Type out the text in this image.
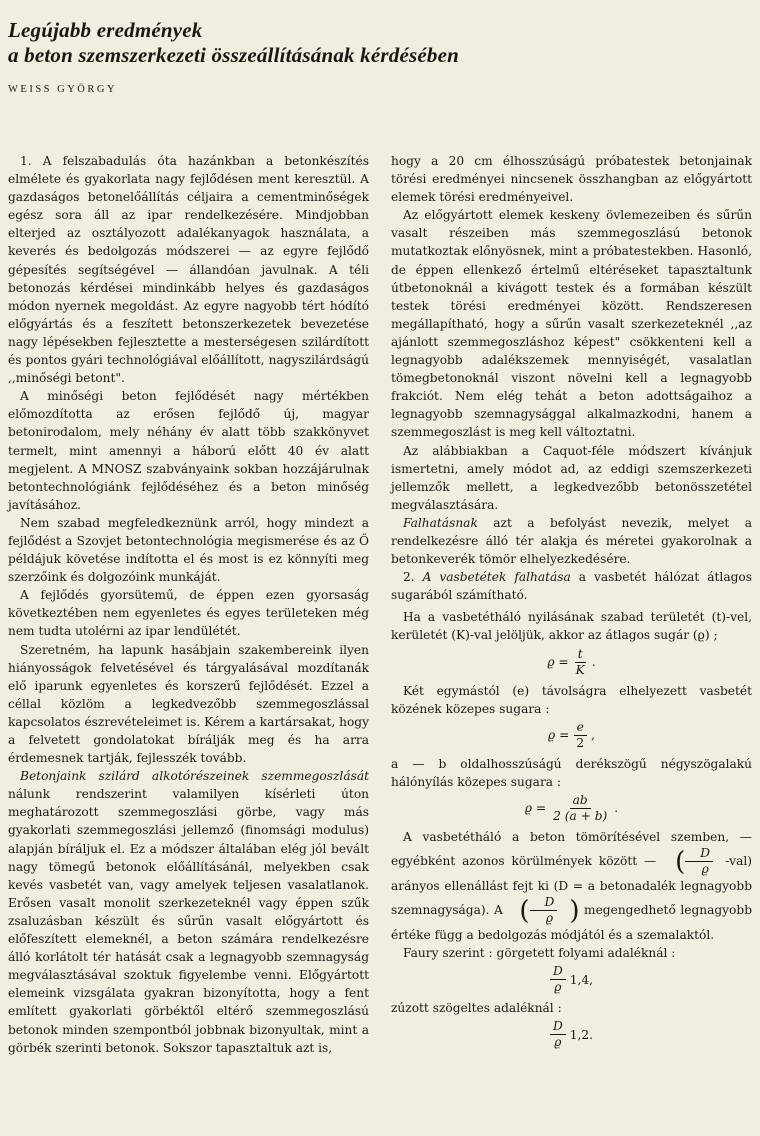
Legújabb eredmények
a beton szemszerkezeti összeállításának kérdésében
WEISS GYÖRGY

1. A felszabadulás óta hazánkban a betonkészítés elmélete és gyakorlata nagy fejlődésen ment keresztül. A gazdaságos betonelőállítás céljaira a cementminőségek egész sora áll az ipar rendelkezésére. Mindjobban elterjed az osztályozott adalékanyagok használata, a keverés és bedolgozás módszerei — az egyre fejlődő gépesítés segítségével — állandóan javulnak. A téli betonozás kérdései mindinkább helyes és gazdaságos módon nyernek megoldást. Az egyre nagyobb tért hódító előgyártás és a feszített betonszerkezetek bevezetése nagy lépésekben fejlesztette a mesterségesen szilárdított és pontos gyári technológiával előállított, nagyszilárdságú ,,minőségi betont".

A minőségi beton fejlődését nagy mértékben előmozdította az erősen fejlődő új, magyar betonirodalom, mely néhány év alatt több szakkönyvet termelt, mint amennyi a háború előtt 40 év alatt megjelent. A MNOSZ szabványaink sokban hozzájárulnak betontechnológiánk fejlődéséhez és a beton minőség javításához.

Nem szabad megfeledkeznünk arról, hogy mindezt a fejlődést a Szovjet betontechnológia megismerése és az Ő példájuk követése indította el és most is ez könnyíti meg szerzőink és dolgozóink munkáját.

A fejlődés gyorsütemű, de éppen ezen gyorsaság következtében nem egyenletes és egyes területeken még nem tudta utolérni az ipar lendülétét.

Szeretném, ha lapunk hasábjain szakembereink ilyen hiányosságok felvetésével és tárgyalásával mozdítanák elő iparunk egyenletes és korszerű fejlődését. Ezzel a céllal közlöm a legkedvezőbb szemmegoszlással kapcsolatos észrevételeimet is. Kérem a kartársakat, hogy a felvetett gondolatokat bírálják meg és ha arra érdemesnek tartják, fejlesszék tovább.

Betonjaink szilárd alkotórészeinek szemmegoszlását nálunk rendszerint valamilyen kísérleti úton meghatározott szemmegoszlási görbe, vagy más gyakorlati szemmegoszlási jellemző (finomsági modulus) alapján bíráljuk el. Ez a módszer általában elég jól bevált nagy tömegű betonok előállításánál, melyekben csak kevés vasbetét van, vagy amelyek teljesen vasalatlanok. Erősen vasalt monolit szerkezeteknél vagy éppen szűk zsaluzásban készült és sűrűn vasalt előgyártott és előfeszített elemeknél, a beton számára rendelkezésre álló korlátolt tér hatását csak a legnagyobb szemnagyság megválasztásával szoktuk figyelembe venni. Előgyártott elemeink vizsgálata gyakran bizonyította, hogy a fent említett gyakorlati görbéktől eltérő szemmegoszlású betonok minden szempontból jobbnak bizonyultak, mint a görbék szerinti betonok. Sokszor tapasztaltuk azt is,

hogy a 20 cm élhosszúságú próbatestek betonjainak törési eredményei nincsenek összhangban az előgyártott elemek törési eredményeivel.

Az előgyártott elemek keskeny övlemezeiben és sűrűn vasalt részeiben más szemmegoszlású betonok mutatkoztak előnyösnek, mint a próbatestekben. Hasonló, de éppen ellenkező értelmű eltéréseket tapasztaltunk útbetonoknál a kivágott testek és a formában készült testek törési eredményei között. Rendszeresen megállapítható, hogy a sűrűn vasalt szerkezeteknél ,,az ajánlott szemmegoszláshoz képest" csökkenteni kell a legnagyobb adalékszemek mennyiségét, vasalatlan tömegbetonoknál viszont növelni kell a legnagyobb frakciót. Nem elég tehát a beton adottságaihoz a legnagyobb szemnagysággal alkalmazkodni, hanem a szemmegoszlást is meg kell változtatni.

Az alábbiakban a Caquot-féle módszert kívánjuk ismertetni, amely módot ad, az eddigi szemszerkezeti jellemzők mellett, a legkedvezőbb betonösszetétel megválasztására.

Falhatásnak azt a befolyást nevezik, melyet a rendelkezésre álló tér alakja és méretei gyakorolnak a betonkeverék tömör elhelyezkedésére.

2. A vasbetétek falhatása a vasbetét hálózat átlagos sugarából számítható.

Ha a vasbetétháló nyilásának szabad területét (t)-vel, kerületét (K)-val jelöljük, akkor az átlagos sugár (ϱ) ;

$ϱ = \frac{t}{K}$ .

Két egymástól (e) távolságra elhelyezett vasbetét közének közepes sugara :

$ϱ = \frac{e}{2}$ ,

a — b oldalhosszúságú derékszögű négyszögalakú hálónyílás közepes sugara :

$ϱ = \frac{ab}{2 (a + b)}$ .

A vasbetétháló a beton tömörítésével szemben, — egyébként azonos körülmények között — ( $\frac{D}{ϱ} -val$)
arányos ellenállást fejt ki (D = a betonadalék legnagyobb szemnagysága). A ( $\frac{D}{ϱ}$ ) megengedhető legnagyobb értéke függ a bedolgozás módjától és a szemalaktól.

Faury szerint : görgetett folyami adaléknál :

$\frac{D}{ϱ} 1,4$,

zúzott szögeltes adaléknál :

$\frac{D}{ϱ} 1,2$.
